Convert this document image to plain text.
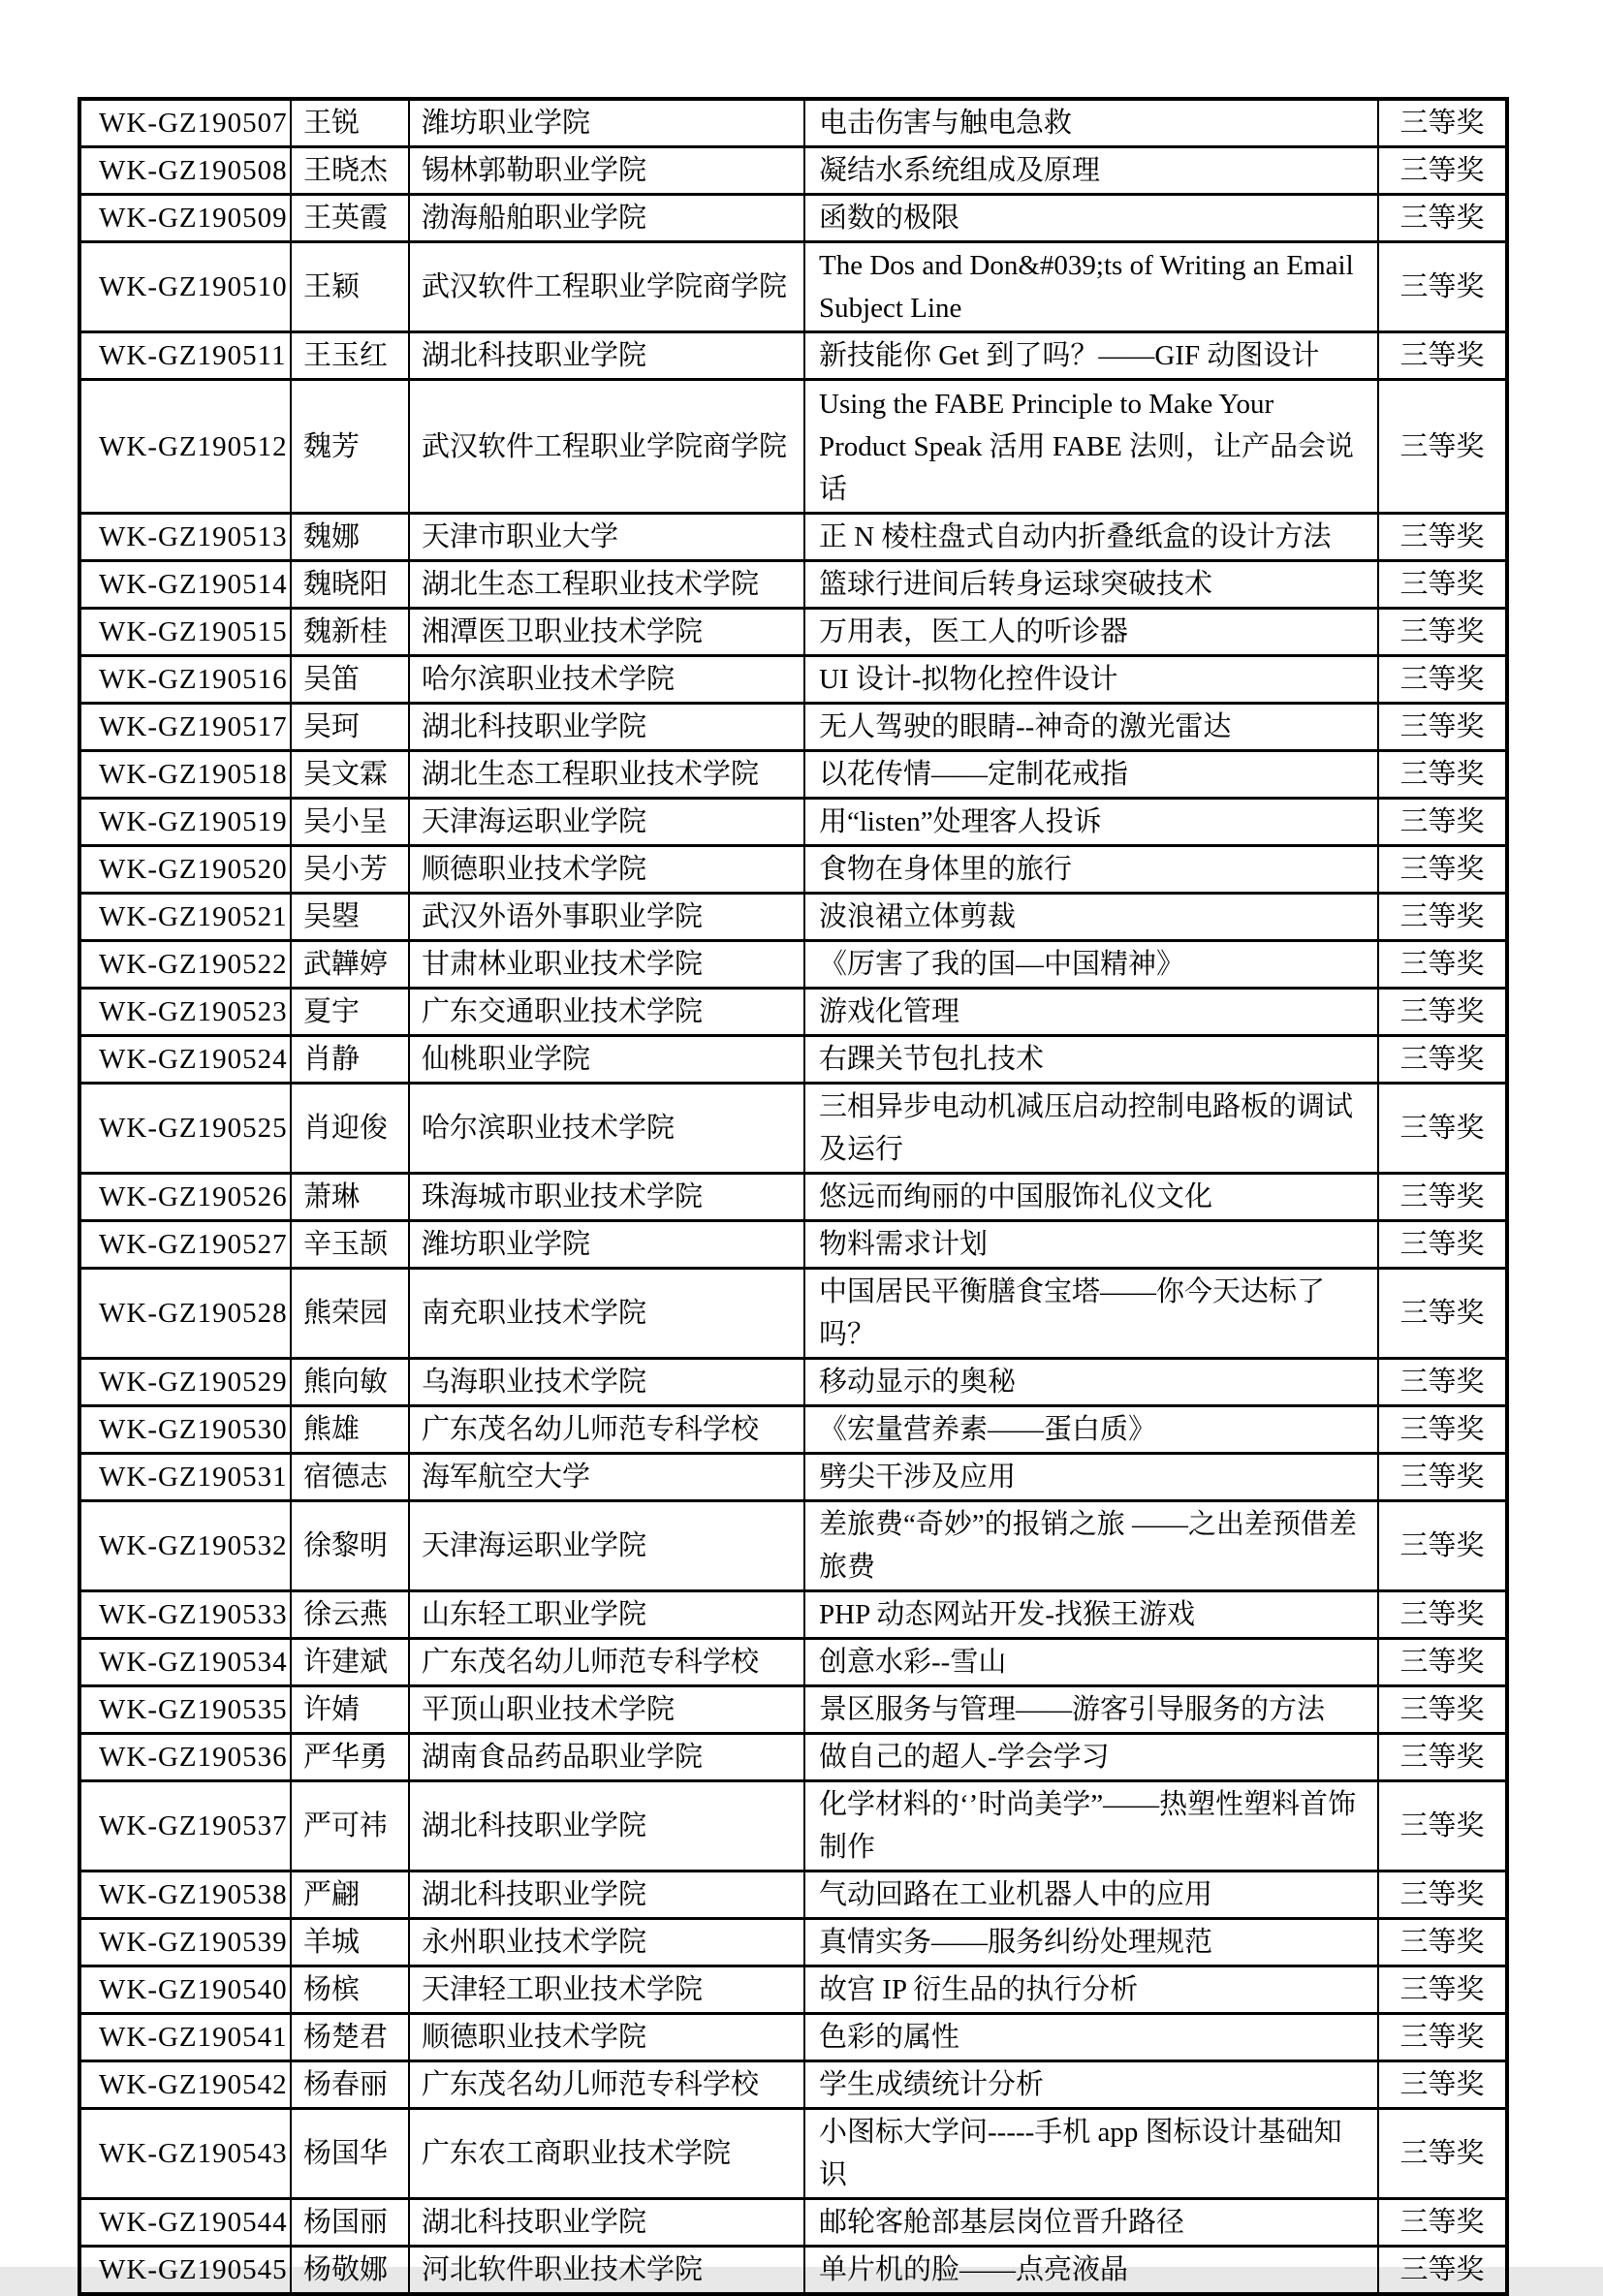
WK-GZ190507	王锐	潍坊职业学院	电击伤害与触电急救	三等奖
WK-GZ190508	王晓杰	锡林郭勒职业学院	凝结水系统组成及原理	三等奖
WK-GZ190509	王英霞	渤海船舶职业学院	函数的极限	三等奖
WK-GZ190510	王颖	武汉软件工程职业学院商学院	The Dos and Don&#039;ts of Writing an Email Subject Line	三等奖
WK-GZ190511	王玉红	湖北科技职业学院	新技能你 Get 到了吗？——GIF 动图设计	三等奖
WK-GZ190512	魏芳	武汉软件工程职业学院商学院	Using the FABE Principle to Make Your Product Speak 活用 FABE 法则，让产品会说话	三等奖
WK-GZ190513	魏娜	天津市职业大学	正 N 棱柱盘式自动内折叠纸盒的设计方法	三等奖
WK-GZ190514	魏晓阳	湖北生态工程职业技术学院	篮球行进间后转身运球突破技术	三等奖
WK-GZ190515	魏新桂	湘潭医卫职业技术学院	万用表，医工人的听诊器	三等奖
WK-GZ190516	吴笛	哈尔滨职业技术学院	UI 设计-拟物化控件设计	三等奖
WK-GZ190517	吴珂	湖北科技职业学院	无人驾驶的眼睛--神奇的激光雷达	三等奖
WK-GZ190518	吴文霖	湖北生态工程职业技术学院	以花传情——定制花戒指	三等奖
WK-GZ190519	吴小呈	天津海运职业学院	用“listen”处理客人投诉	三等奖
WK-GZ190520	吴小芳	顺德职业技术学院	食物在身体里的旅行	三等奖
WK-GZ190521	吴曌	武汉外语外事职业学院	波浪裙立体剪裁	三等奖
WK-GZ190522	武韡婷	甘肃林业职业技术学院	《厉害了我的国—中国精神》	三等奖
WK-GZ190523	夏宇	广东交通职业技术学院	游戏化管理	三等奖
WK-GZ190524	肖静	仙桃职业学院	右踝关节包扎技术	三等奖
WK-GZ190525	肖迎俊	哈尔滨职业技术学院	三相异步电动机减压启动控制电路板的调试及运行	三等奖
WK-GZ190526	萧琳	珠海城市职业技术学院	悠远而绚丽的中国服饰礼仪文化	三等奖
WK-GZ190527	辛玉颉	潍坊职业学院	物料需求计划	三等奖
WK-GZ190528	熊荣园	南充职业技术学院	中国居民平衡膳食宝塔——你今天达标了吗？	三等奖
WK-GZ190529	熊向敏	乌海职业技术学院	移动显示的奥秘	三等奖
WK-GZ190530	熊雄	广东茂名幼儿师范专科学校	《宏量营养素——蛋白质》	三等奖
WK-GZ190531	宿德志	海军航空大学	劈尖干涉及应用	三等奖
WK-GZ190532	徐黎明	天津海运职业学院	差旅费“奇妙”的报销之旅 ——之出差预借差旅费	三等奖
WK-GZ190533	徐云燕	山东轻工职业学院	PHP 动态网站开发-找猴王游戏	三等奖
WK-GZ190534	许建斌	广东茂名幼儿师范专科学校	创意水彩--雪山	三等奖
WK-GZ190535	许婧	平顶山职业技术学院	景区服务与管理——游客引导服务的方法	三等奖
WK-GZ190536	严华勇	湖南食品药品职业学院	做自己的超人-学会学习	三等奖
WK-GZ190537	严可祎	湖北科技职业学院	化学材料的‘’时尚美学”——热塑性塑料首饰制作	三等奖
WK-GZ190538	严翩	湖北科技职业学院	气动回路在工业机器人中的应用	三等奖
WK-GZ190539	羊城	永州职业技术学院	真情实务——服务纠纷处理规范	三等奖
WK-GZ190540	杨槟	天津轻工职业技术学院	故宫 IP 衍生品的执行分析	三等奖
WK-GZ190541	杨楚君	顺德职业技术学院	色彩的属性	三等奖
WK-GZ190542	杨春丽	广东茂名幼儿师范专科学校	学生成绩统计分析	三等奖
WK-GZ190543	杨国华	广东农工商职业技术学院	小图标大学问-----手机 app 图标设计基础知识	三等奖
WK-GZ190544	杨国丽	湖北科技职业学院	邮轮客舱部基层岗位晋升路径	三等奖
WK-GZ190545	杨敬娜	河北软件职业技术学院	单片机的脸——点亮液晶	三等奖
